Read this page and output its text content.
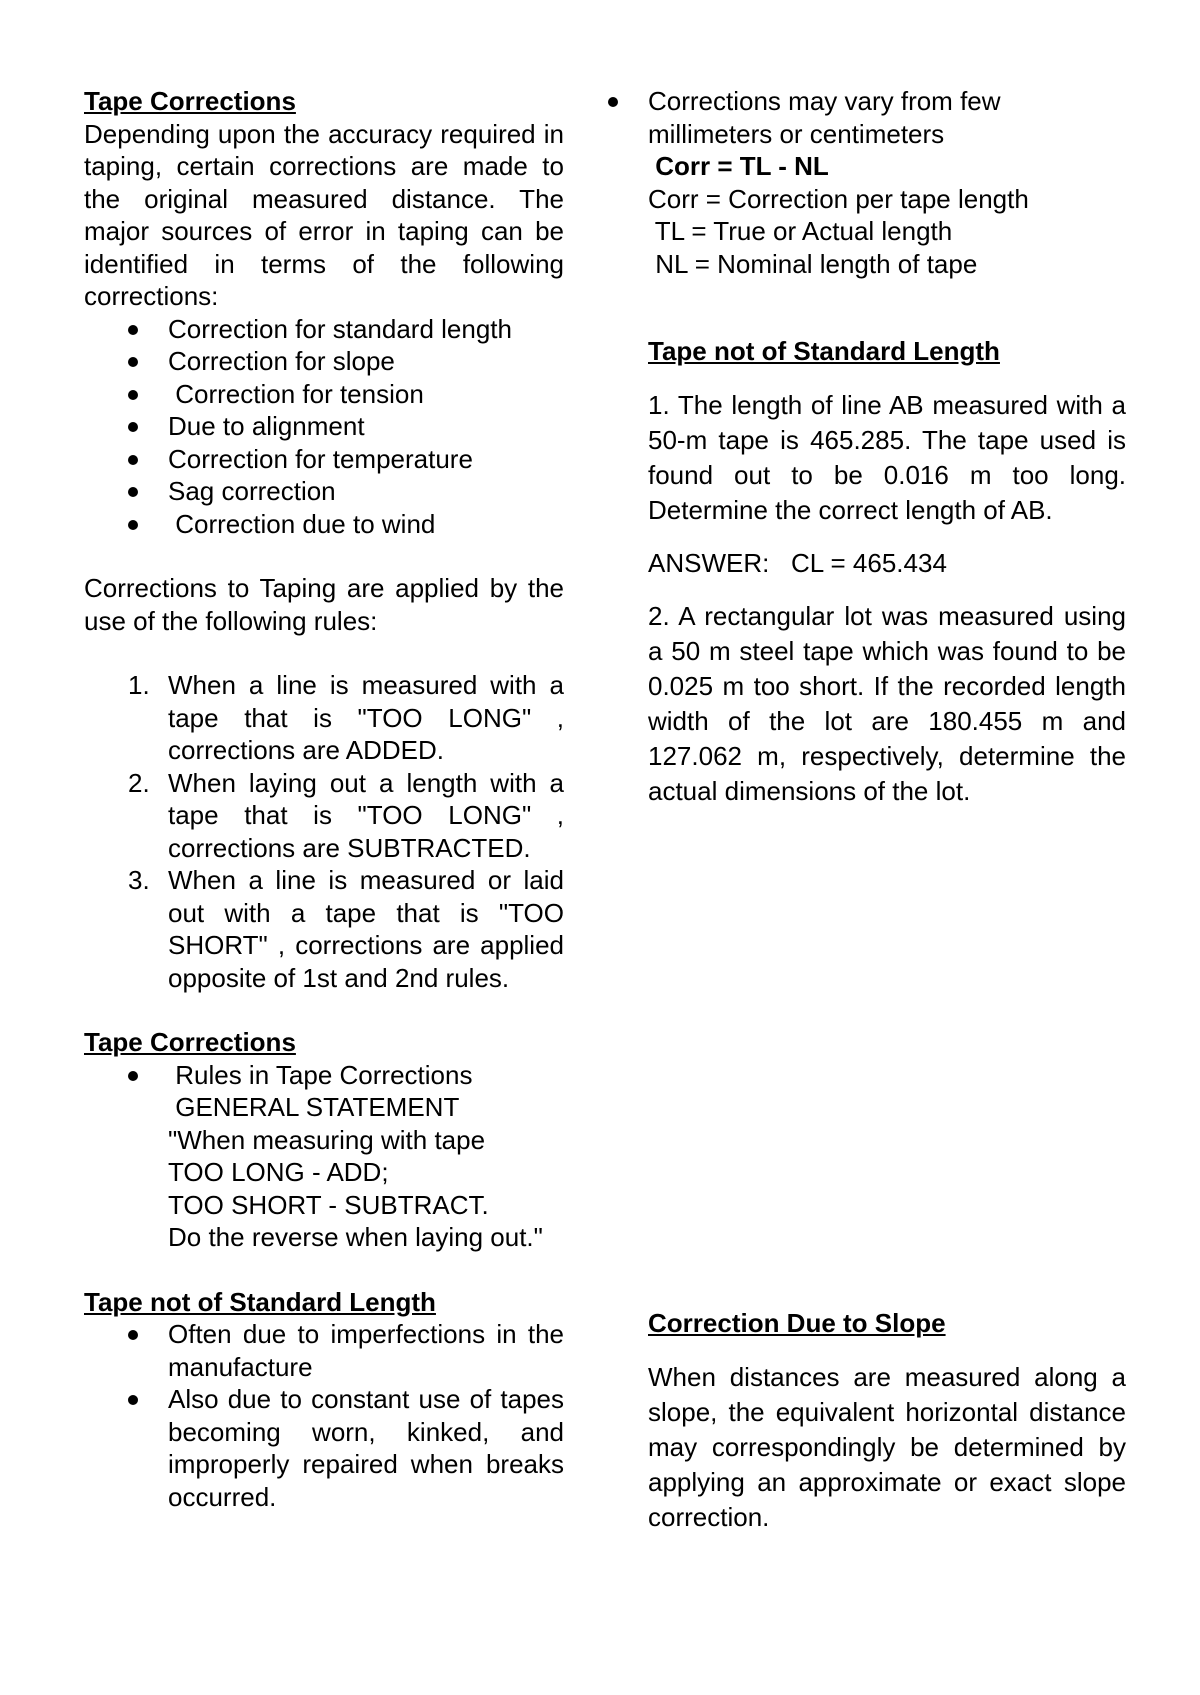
Tape Corrections

Depending upon the accuracy required in taping, certain corrections are made to the original measured distance. The major sources of error in taping can be identified in terms of the following corrections:

Correction for standard length
Correction for slope
Correction for tension
Due to alignment
Correction for temperature
Sag correction
Correction due to wind

Corrections to Taping are applied by the use of the following rules:

1. When a line is measured with a tape that is "TOO LONG" , corrections are ADDED.
2. When laying out a length with a tape that is "TOO LONG" , corrections are SUBTRACTED.
3. When a line is measured or laid out with a tape that is "TOO SHORT" , corrections are applied opposite of 1st and 2nd rules.
Tape Corrections
Rules in Tape Corrections
GENERAL STATEMENT
"When measuring with tape
TOO LONG - ADD;
TOO SHORT - SUBTRACT.
Do the reverse when laying out."
Tape not of Standard Length
Often due to imperfections in the manufacture
Also due to constant use of tapes becoming worn, kinked, and improperly repaired when breaks occurred.
Corrections may vary from few millimeters or centimeters

Corr = TL - NL

Corr = Correction per tape length

TL = True or Actual length

NL = Nominal length of tape

Tape not of Standard Length

1. The length of line AB measured with a 50-m tape is 465.285. The tape used is found out to be 0.016 m too long. Determine the correct length of AB.

ANSWER:   CL = 465.434

2. A rectangular lot was measured using a 50 m steel tape which was found to be 0.025 m too short. If the recorded length width of the lot are 180.455 m and 127.062 m, respectively, determine the actual dimensions of the lot.

Correction Due to Slope

When distances are measured along a slope, the equivalent horizontal distance may correspondingly be determined by applying an approximate or exact slope correction.
